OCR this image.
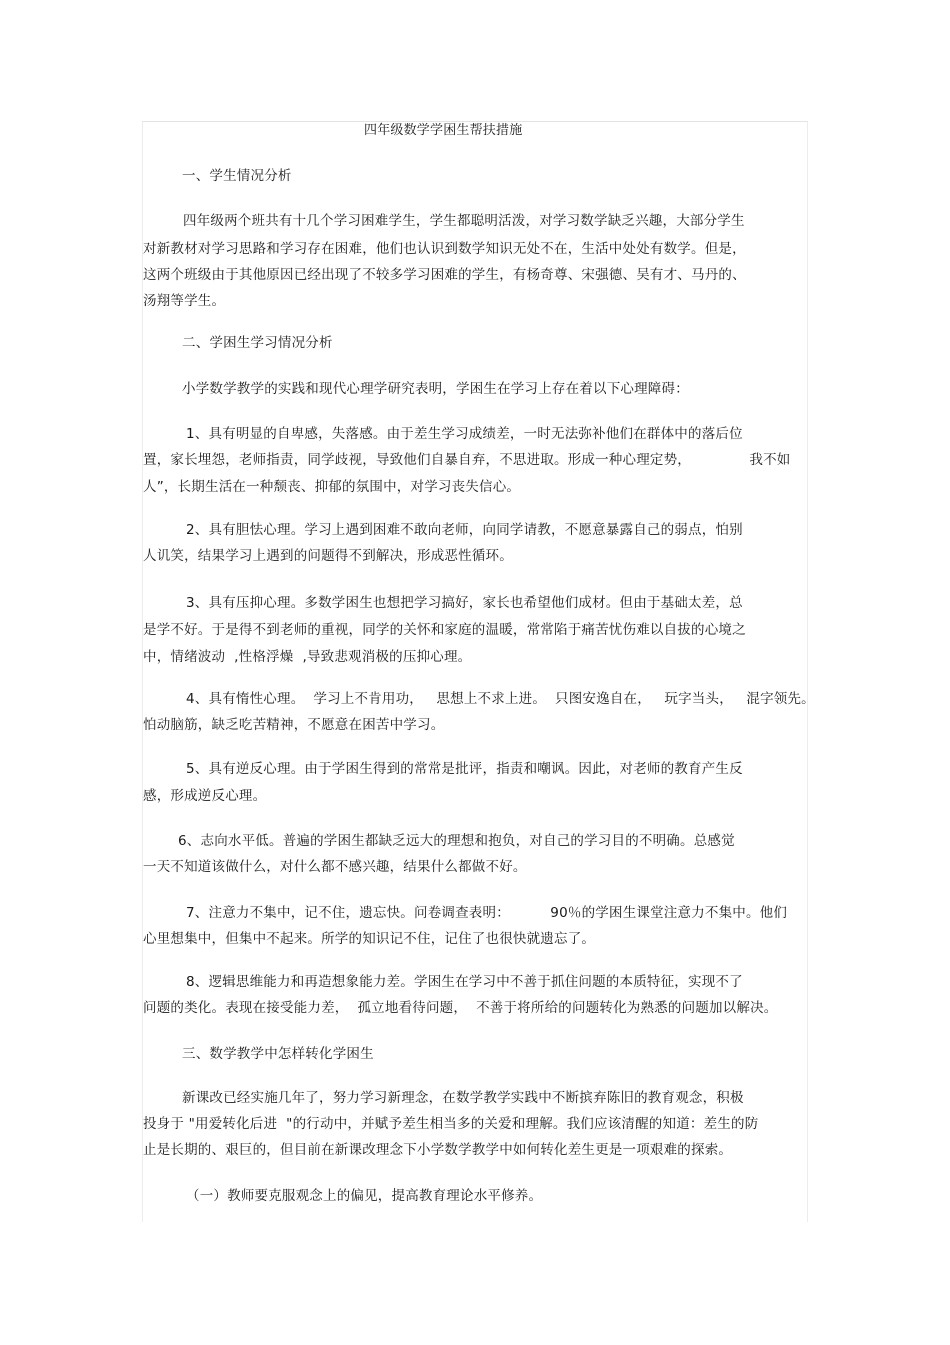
四年级数学学困生帮扶措施
一、学生情况分析
四年级两个班共有十几个学习困难学生，学生都聪明活泼，对学习数学缺乏兴趣，大部分学生
对新教材对学习思路和学习存在困难，他们也认识到数学知识无处不在，生活中处处有数学。但是，
这两个班级由于其他原因已经出现了不较多学习困难的学生，有杨奇尊、宋强德、吴有才、马丹的、
汤翔等学生。
二、学困生学习情况分析
小学数学教学的实践和现代心理学研究表明，学困生在学习上存在着以下心理障碍：
1、具有明显的自卑感，失落感。由于差生学习成绩差，一时无法弥补他们在群体中的落后位
置，家长埋怨，老师指责，同学歧视，导致他们自暴自弃，不思进取。形成一种心理定势，             我不如
人”，长期生活在一种颓丧、抑郁的氛围中，对学习丧失信心。
2、具有胆怯心理。学习上遇到困难不敢向老师，向同学请教，不愿意暴露自己的弱点，怕别
人讥笑，结果学习上遇到的问题得不到解决，形成恶性循环。
3、具有压抑心理。多数学困生也想把学习搞好，家长也希望他们成材。但由于基础太差，总
是学不好。于是得不到老师的重视，同学的关怀和家庭的温暖，常常陷于痛苦忧伤难以自拔的心境之
中，情绪波动  ,性格浮燥  ,导致悲观消极的压抑心理。
4、具有惰性心理。  学习上不肯用功，   思想上不求上进。  只图安逸自在，   玩字当头，   混字领先。
怕动脑筋，缺乏吃苦精神，不愿意在困苦中学习。
5、具有逆反心理。由于学困生得到的常常是批评，指责和嘲讽。因此，对老师的教育产生反
感，形成逆反心理。
6、志向水平低。普遍的学困生都缺乏远大的理想和抱负，对自己的学习目的不明确。总感觉
一天不知道该做什么，对什么都不感兴趣，结果什么都做不好。
7、注意力不集中，记不住，遗忘快。问卷调查表明：         90％的学困生课堂注意力不集中。他们
心里想集中，但集中不起来。所学的知识记不住，记住了也很快就遗忘了。
8、逻辑思维能力和再造想象能力差。学困生在学习中不善于抓住问题的本质特征，实现不了
问题的类化。表现在接受能力差，  孤立地看待问题，  不善于将所给的问题转化为熟悉的问题加以解决。
三、数学教学中怎样转化学困生
新课改已经实施几年了，努力学习新理念，在数学教学实践中不断摈弃陈旧的教育观念，积极
投身于 "用爱转化后进  "的行动中，并赋予差生相当多的关爱和理解。我们应该清醒的知道：差生的防
止是长期的、艰巨的，但目前在新课改理念下小学数学教学中如何转化差生更是一项艰难的探索。
（一）教师要克服观念上的偏见，提高教育理论水平修养。
